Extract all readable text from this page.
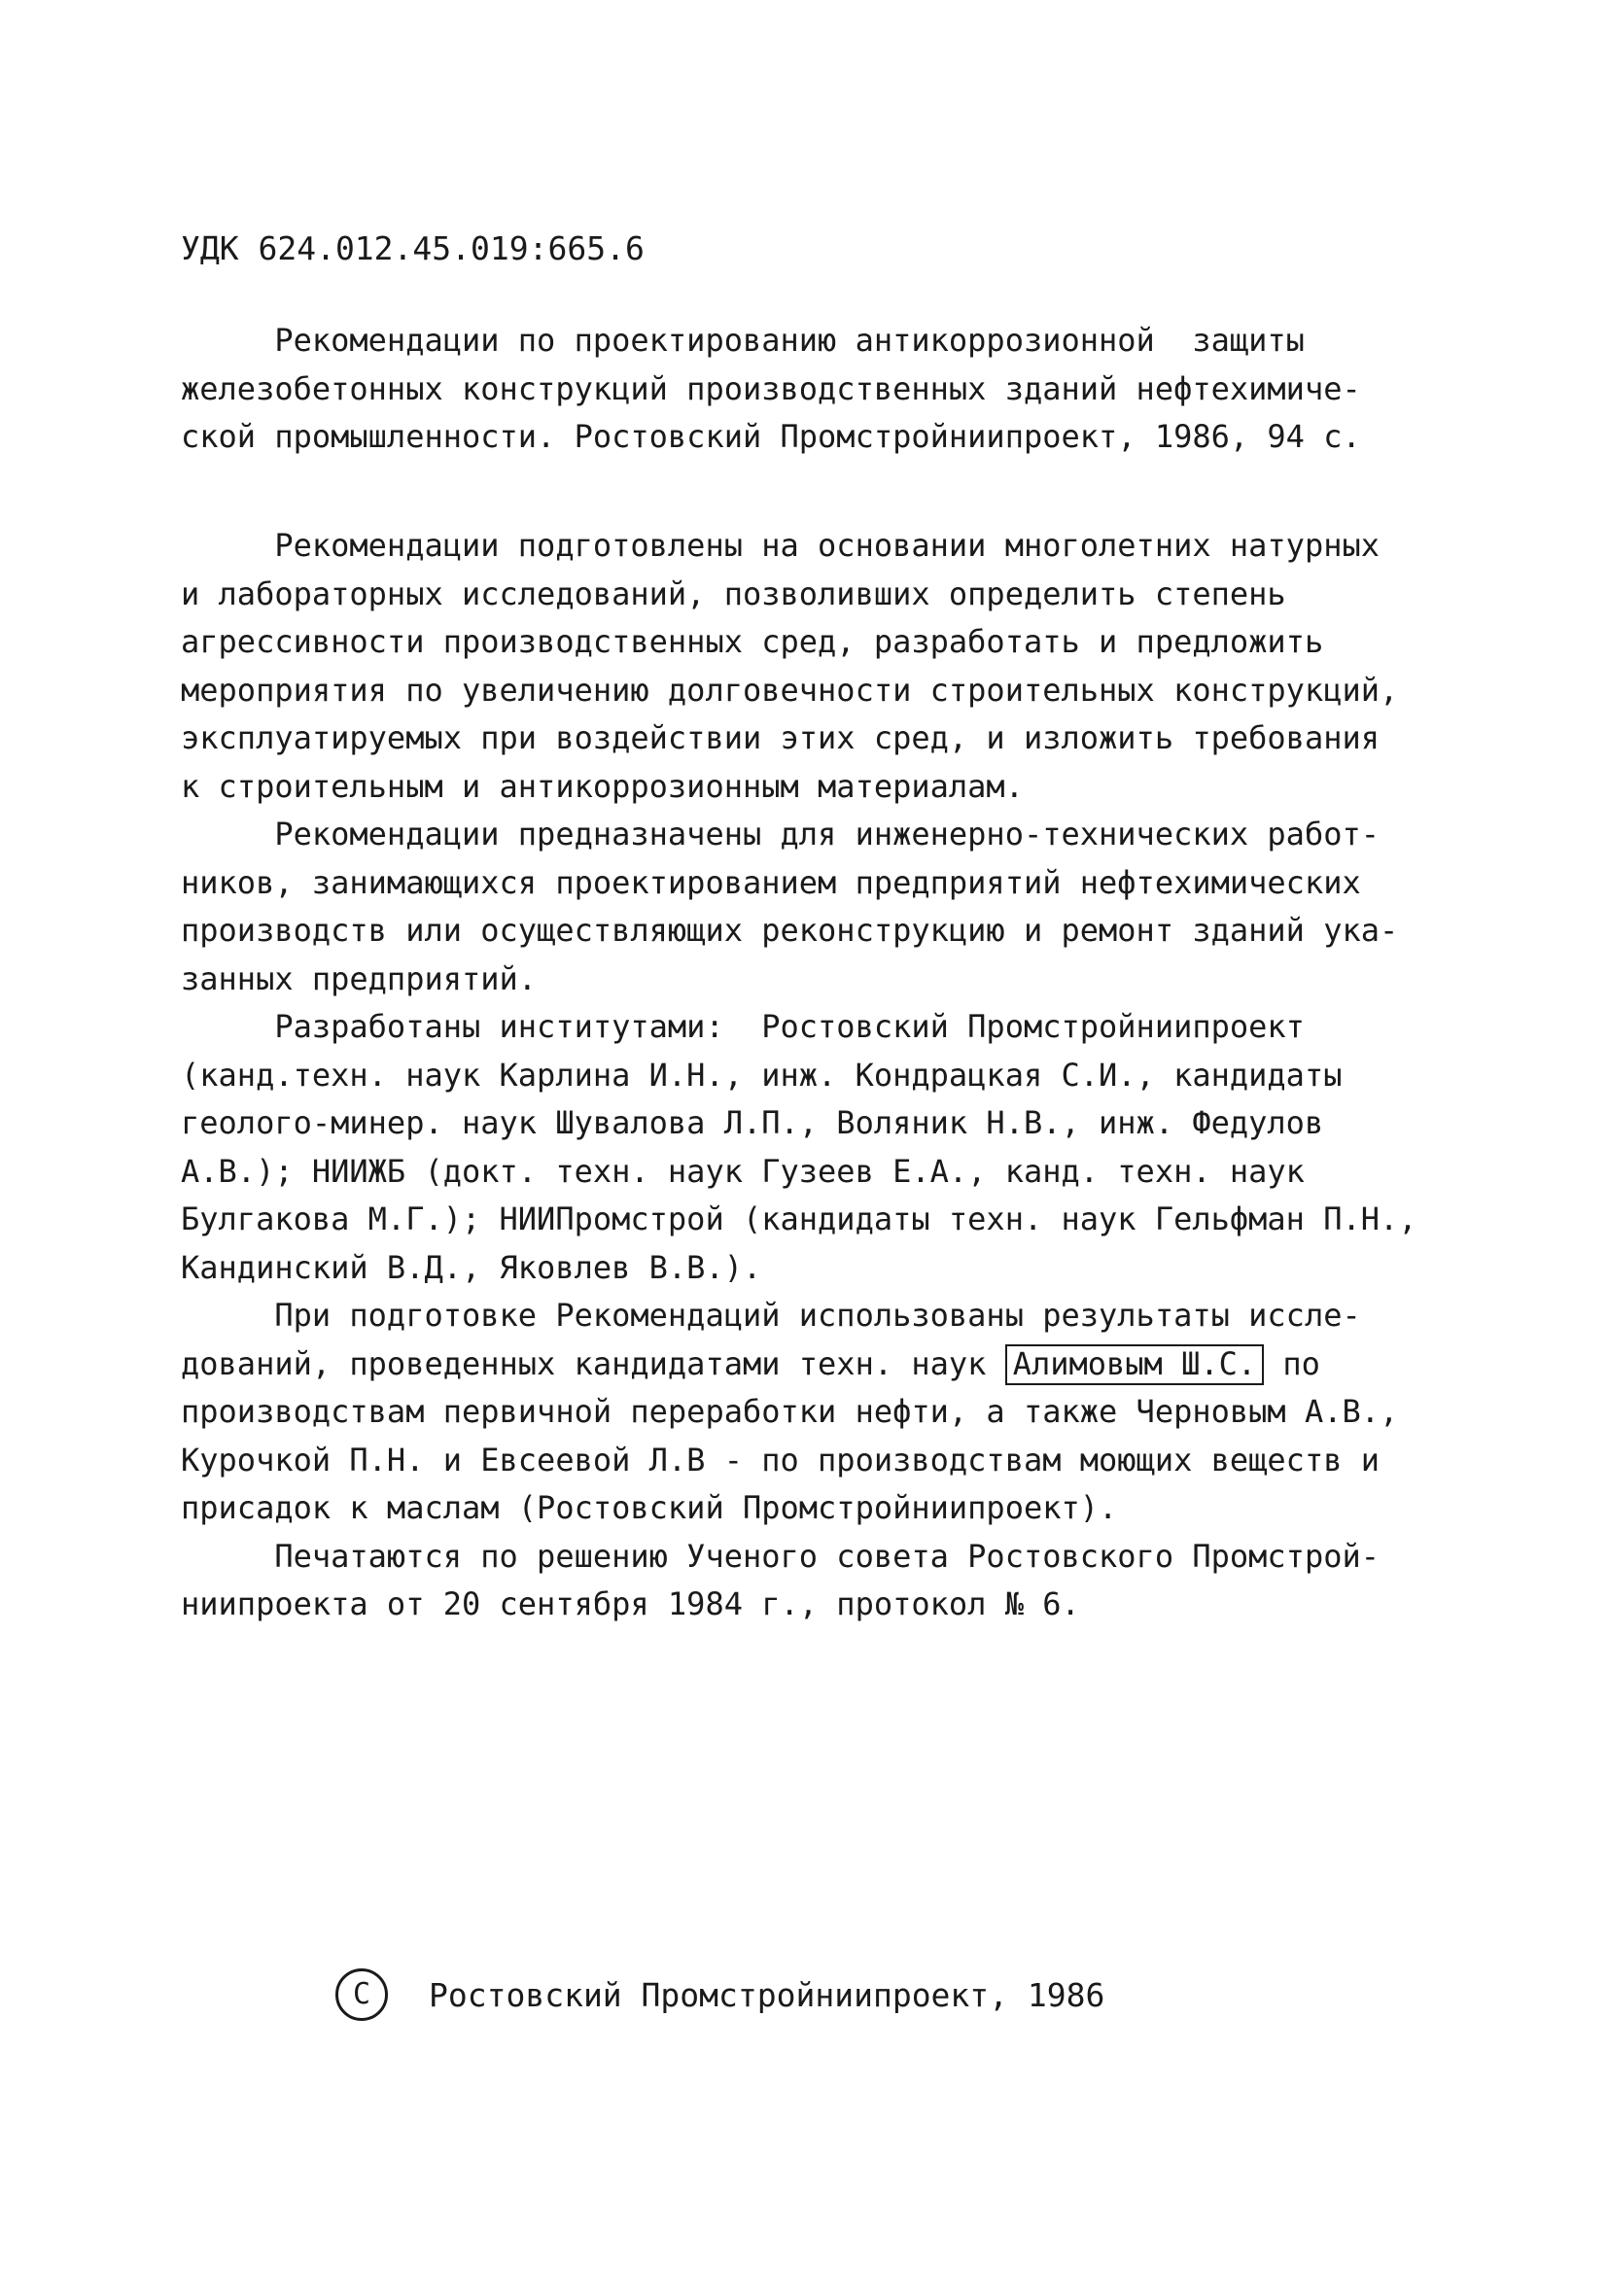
УДК 624.012.45.019:665.6
Рекомендации по проектированию антикоррозионной  защиты
железобетонных конструкций производственных зданий нефтехимиче-
ской промышленности. Ростовский Промстройниипроект, 1986, 94 с.
Рекомендации подготовлены на основании многолетних натурных
и лабораторных исследований, позволивших определить степень
агрессивности производственных сред, разработать и предложить
мероприятия по увеличению долговечности строительных конструкций,
эксплуатируемых при воздействии этих сред, и изложить требования
к строительным и антикоррозионным материалам.
Рекомендации предназначены для инженерно-технических работ-
ников, занимающихся проектированием предприятий нефтехимических
производств или осуществляющих реконструкцию и ремонт зданий ука-
занных предприятий.
Разработаны институтами:  Ростовский Промстройниипроект
(канд.техн. наук Карлина И.Н., инж. Кондрацкая С.И., кандидаты
геолого-минер. наук Шувалова Л.П., Воляник Н.В., инж. Федулов
А.В.); НИИЖБ (докт. техн. наук Гузеев Е.А., канд. техн. наук
Булгакова М.Г.); НИИПромстрой (кандидаты техн. наук Гельфман П.Н.,
Кандинский В.Д., Яковлев В.В.).
При подготовке Рекомендаций использованы результаты иссле-
дований, проведенных кандидатами техн. наук Алимовым Ш.С. по
производствам первичной переработки нефти, а также Черновым А.В.,
Курочкой П.Н. и Евсеевой Л.В - по производствам моющих веществ и
присадок к маслам (Ростовский Промстройниипроект).
Печатаются по решению Ученого совета Ростовского Промстрой-
ниипроекта от 20 сентября 1984 г., протокол № 6.
C	Ростовский Промстройниипроект, 1986
